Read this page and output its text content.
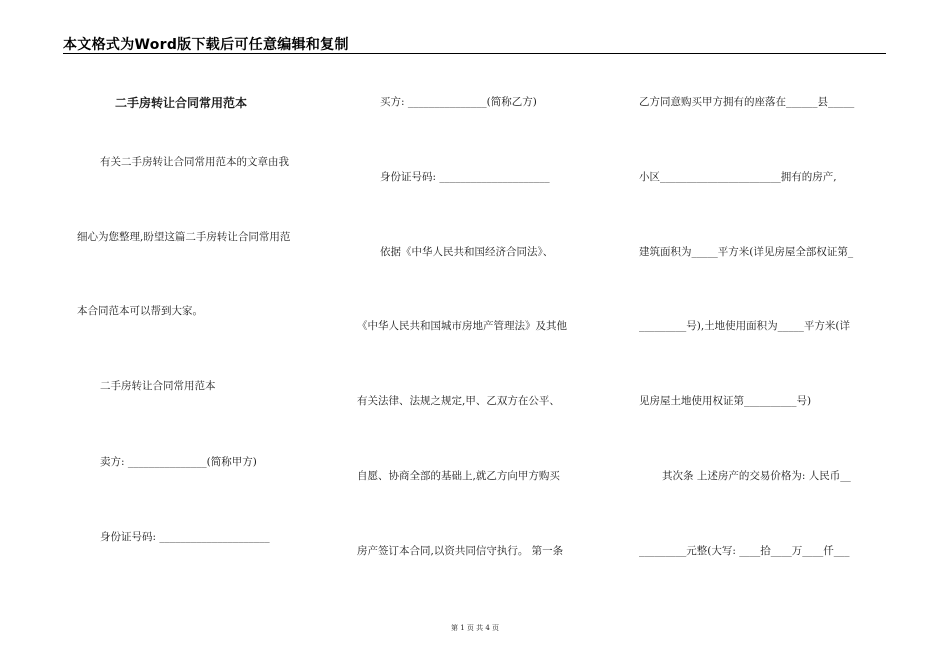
本文格式为Word版下载后可任意编辑和复制
二手房转让合同常用范本
有关二手房转让合同常用范本的文章由我
细心为您整理,盼望这篇二手房转让合同常用范
本合同范本可以帮到大家。
二手房转让合同常用范本
卖方: _______________(简称甲方)
身份证号码: _____________________
买方: _______________(简称乙方)
身份证号码: _____________________
依据《中华人民共和国经济合同法》、
《中华人民共和国城市房地产管理法》及其他
有关法律、法规之规定,甲、乙双方在公平、
自愿、协商全部的基础上,就乙方向甲方购买
房产签订本合同,以资共同信守执行。 第一条
乙方同意购买甲方拥有的座落在______县_____
小区_______________________拥有的房产,
建筑面积为_____平方米(详见房屋全部权证第_
_________号),土地使用面积为_____平方米(详
见房屋土地使用权证第__________号)
其次条 上述房产的交易价格为: 人民币__
_________元整(大写: ____拾____万____仟___
第 1 页 共 4 页
